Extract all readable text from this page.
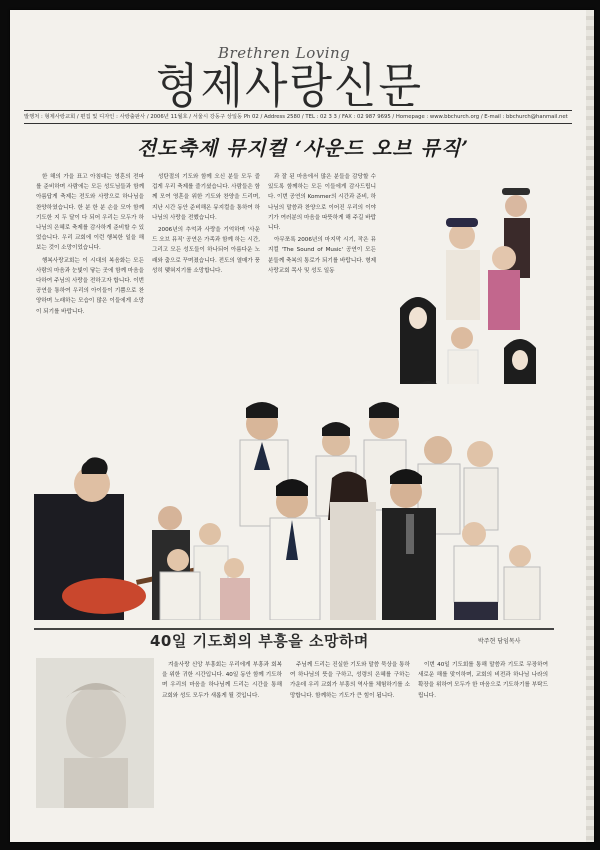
Brethren Loving
형제사랑신문
발행처 : 형제사랑교회 / 편집 및 디자인 : 사랑출판사 / 2006년 11월호 / 서울시 강동구 상일동 Ph 02 / Address 2580 / TEL : 02 3 3 / FAX : 02 987 9695 / Homepage : www.bbchurch.org / E-mail : bbchurch@hanmail.net
전도축제 뮤지컬 ‘사운드 오브 뮤직’

한 해의 가을 표고 아침대는 영혼의 전파를 준비하며 사람에는 모든 성도님들과 함께 아름답게 축제는 전도와 사랑으로 하나님을 찬양하였습니다. 한 분 한 분 손을 모아 함께 기도한 지 두 달이 다 되어 우리는 모두가 하나님의 은혜로 축제를 감사하게 준비할 수 있었습니다. 우리 교회에 이런 행복한 일을 해 보는 것이 소망이었습니다.

행복사랑교회는 이 시대의 복음화는 모든 사람의 마음과 눈빛이 닿는 곳에 함께 마음을 다하여 주님의 사랑을 전하고자 합니다. 이번 공연을 통하여 우리의 아이들이 기쁨으로 찬양하며 노래하는 모습이 많은 이들에게 소망이 되기를 바랍니다.

성탄절의 기도와 함께 오신 분들 모두 즐겁게 우리 축제를 즐기셨습니다. 사람들은 함께 모여 영혼을 위한 기도와 찬양을 드리며, 지난 시간 동안 준비해온 뮤지컬을 통하여 하나님의 사랑을 전했습니다.

2006년의 추억과 사랑을 기억하며 '사운드 오브 뮤직' 공연은 가족과 함께 하는 시간, 그리고 모든 성도들이 하나되어 아름다운 노래와 춤으로 꾸며졌습니다. 전도의 열매가 풍성히 맺혀지기를 소망합니다.

과 잘 된 마음에서 많은 분들을 감당할 수 있도록 함께하는 모든 이들에게 감사드립니다. 이번 공연의 Kommer의 시간과 준비, 하나님의 말씀과 찬양으로 이어진 우리의 이야기가 여러분의 마음을 따뜻하게 해 주길 바랍니다.

아무쪼록 2006년의 마지막 시기, 작은 뮤지컬 'The Sound of Music' 공연이 모든 분들께 축복의 통로가 되기를 바랍니다. 형제사랑교회 목사 및 성도 일동

40일 기도회의 부흥을 소망하며	박주현 담임목사

겨울사랑 신앙 부흥회는 우리에게 부흥과 회복을 위한 귀한 시간입니다. 40일 동안 함께 기도하며 우리의 마음을 하나님께 드리는 시간을 통해 교회와 성도 모두가 새롭게 될 것입니다.

주님께 드리는 진실한 기도와 말씀 묵상을 통하여 하나님의 뜻을 구하고, 성령의 은혜를 구하는 가운데 우리 교회가 부흥의 역사를 체험하기를 소망합니다. 함께하는 기도가 큰 힘이 됩니다.

이번 40일 기도회를 통해 말씀과 기도로 무장하여 새로운 해를 맞이하며, 교회의 비전과 하나님 나라의 확장을 위하여 모두가 한 마음으로 기도하기를 부탁드립니다.
